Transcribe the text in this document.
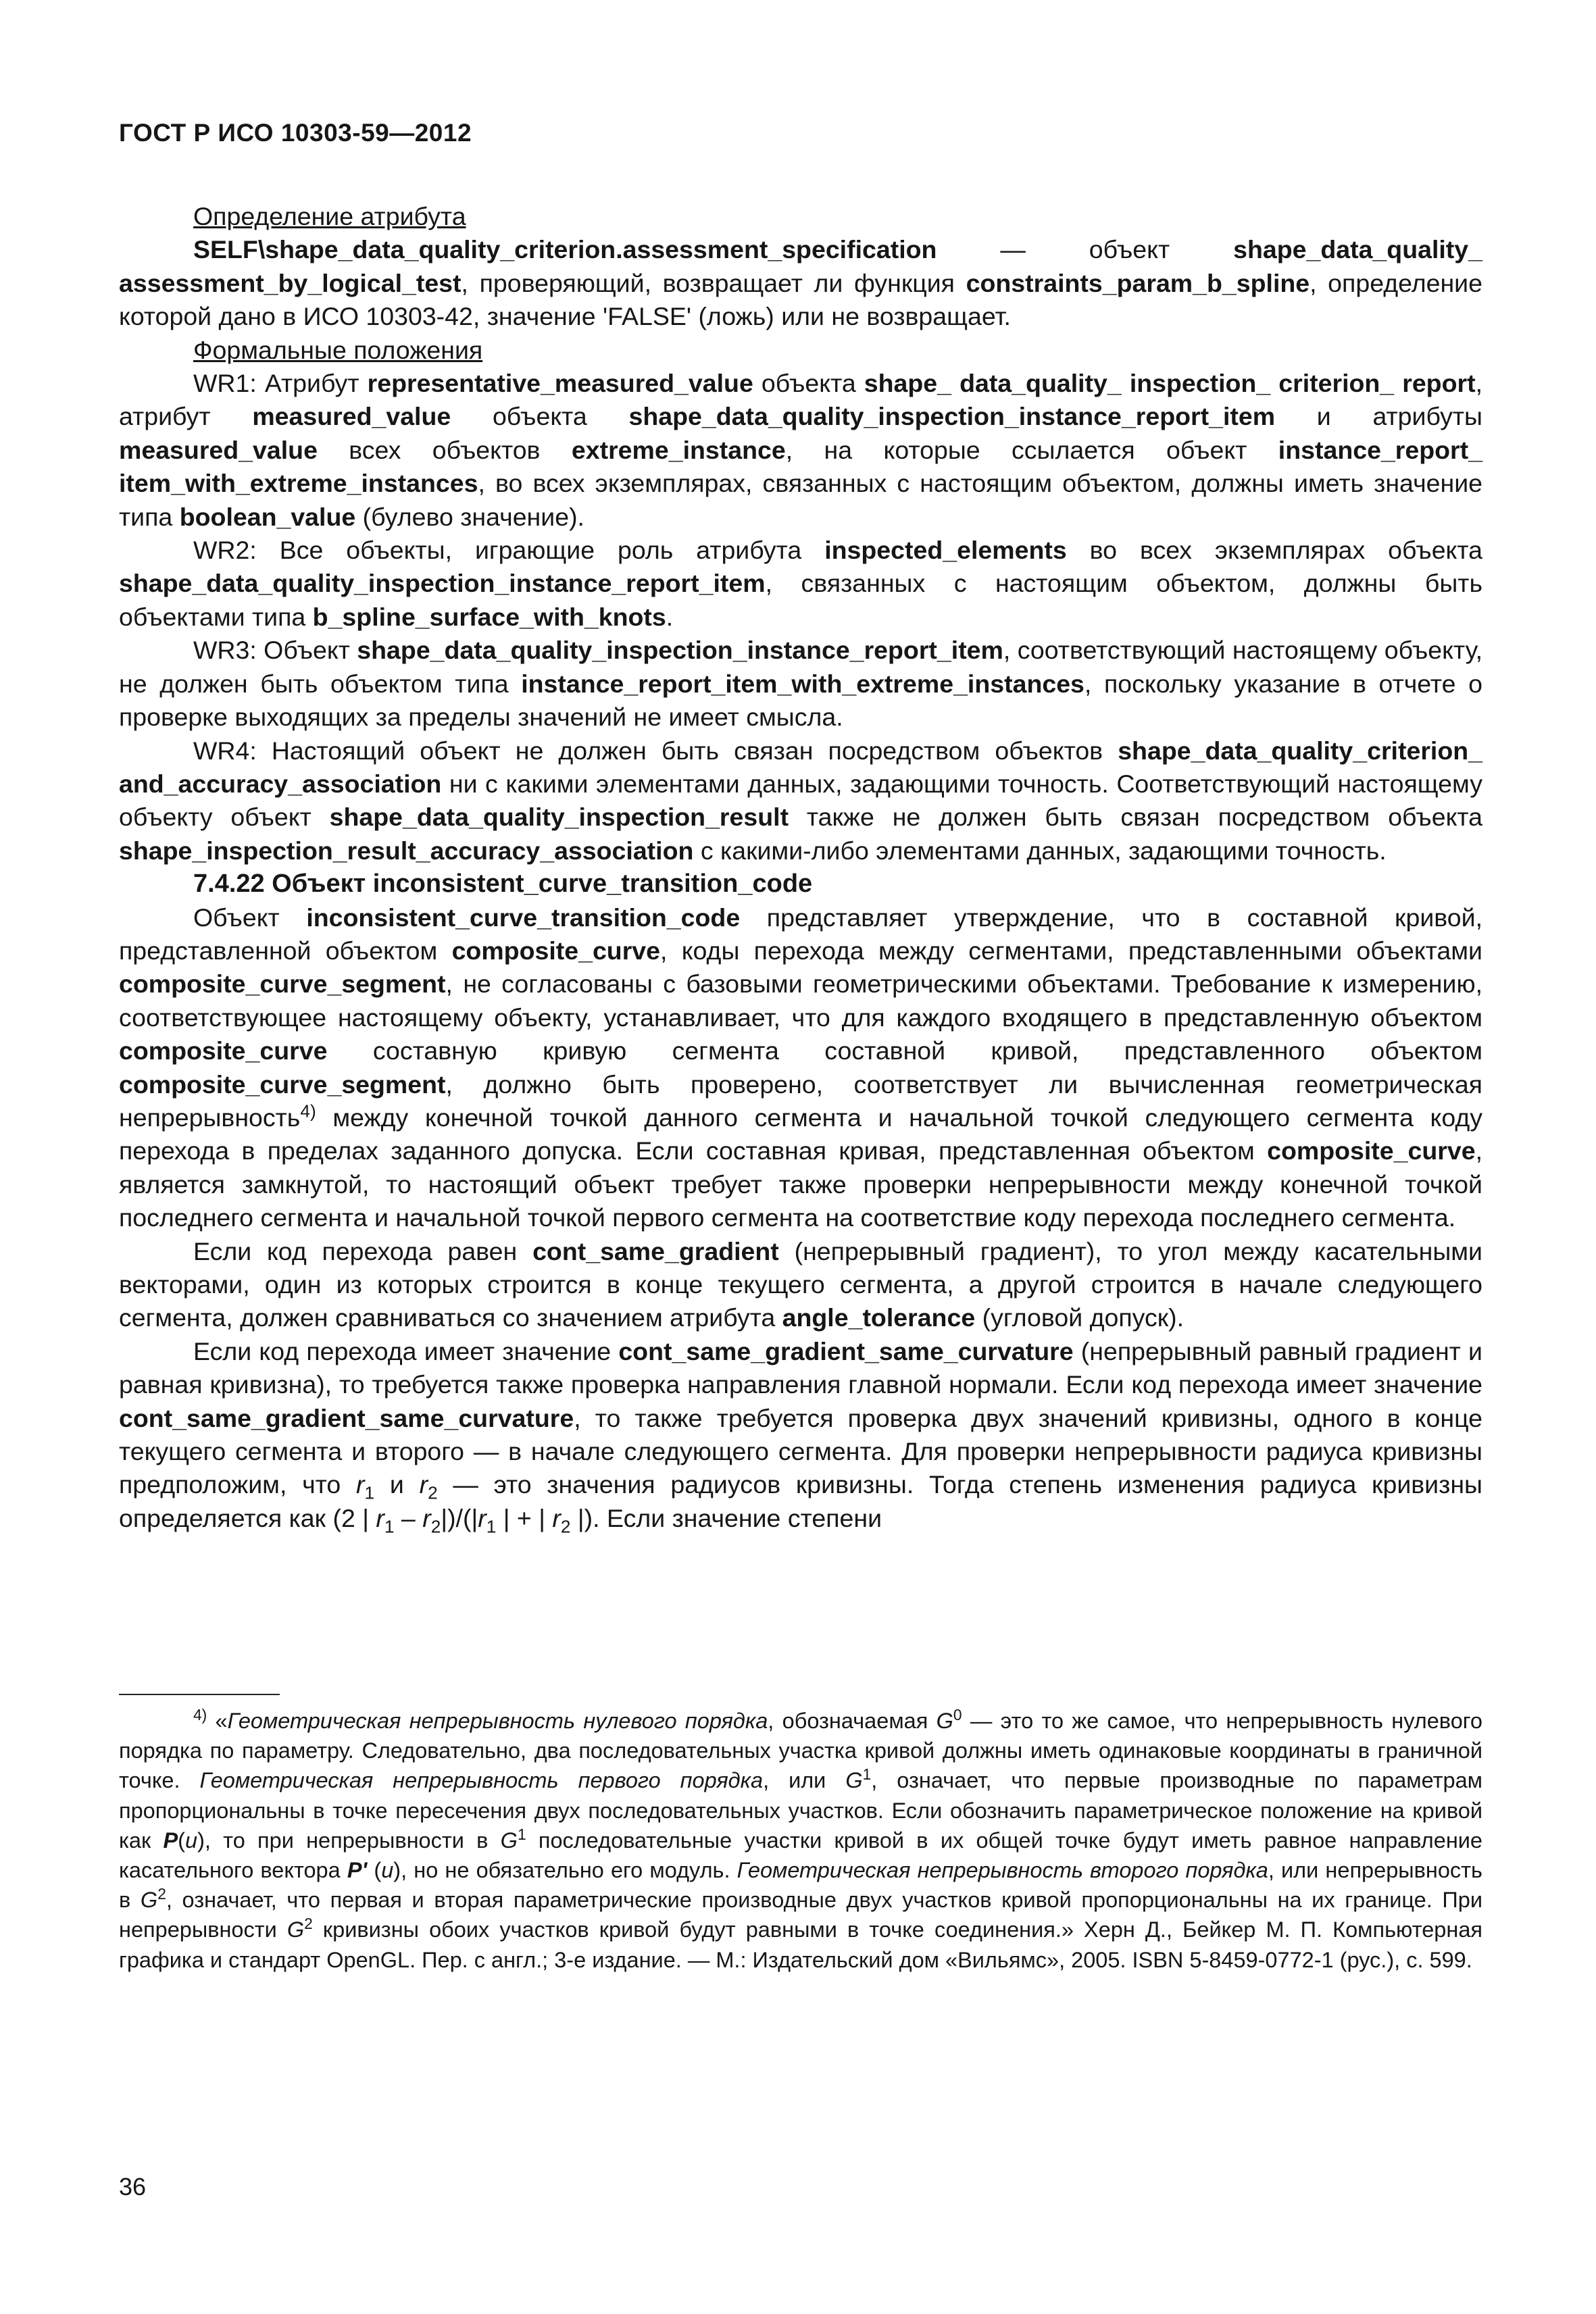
ГОСТ Р ИСО 10303-59—2012

Определение атрибута

SELF\shape_data_quality_criterion.assessment_specification — объект shape_data_quality_ assessment_by_logical_test, проверяющий, возвращает ли функция constraints_param_b_spline, определение которой дано в ИСО 10303-42, значение 'FALSE' (ложь) или не возвращает.

Формальные положения

WR1: Атрибут representative_measured_value объекта shape_ data_quality_ inspection_ criterion_ report, атрибут measured_value объекта shape_data_quality_inspection_instance_report_item и атрибуты measured_value всех объектов extreme_instance, на которые ссылается объект instance_report_ item_with_extreme_instances, во всех экземплярах, связанных с настоящим объектом, должны иметь значение типа boolean_value (булево значение).

WR2: Все объекты, играющие роль атрибута inspected_elements во всех экземплярах объекта shape_data_quality_inspection_instance_report_item, связанных с настоящим объектом, должны быть объектами типа b_spline_surface_with_knots.

WR3: Объект shape_data_quality_inspection_instance_report_item, соответствующий настоящему объекту, не должен быть объектом типа instance_report_item_with_extreme_instances, поскольку указание в отчете о проверке выходящих за пределы значений не имеет смысла.

WR4: Настоящий объект не должен быть связан посредством объектов shape_data_quality_criterion_ and_accuracy_association ни с какими элементами данных, задающими точность. Соответствующий настоящему объекту объект shape_data_quality_inspection_result также не должен быть связан посредством объекта shape_inspection_result_accuracy_association с какими-либо элементами данных, задающими точность.

7.4.22 Объект inconsistent_curve_transition_code

Объект inconsistent_curve_transition_code представляет утверждение, что в составной кривой, представленной объектом composite_curve, коды перехода между сегментами, представленными объектами composite_curve_segment, не согласованы с базовыми геометрическими объектами. Требование к измерению, соответствующее настоящему объекту, устанавливает, что для каждого входящего в представленную объектом composite_curve составную кривую сегмента составной кривой, представленного объектом composite_curve_segment, должно быть проверено, соответствует ли вычисленная геометрическая непрерывность$^{4)}$ между конечной точкой данного сегмента и начальной точкой следующего сегмента коду перехода в пределах заданного допуска. Если составная кривая, представленная объектом composite_curve, является замкнутой, то настоящий объект требует также проверки непрерывности между конечной точкой последнего сегмента и начальной точкой первого сегмента на соответствие коду перехода последнего сегмента.

Если код перехода равен cont_same_gradient (непрерывный градиент), то угол между касательными векторами, один из которых строится в конце текущего сегмента, а другой строится в начале следующего сегмента, должен сравниваться со значением атрибута angle_tolerance (угловой допуск).

Если код перехода имеет значение cont_same_gradient_same_curvature (непрерывный равный градиент и равная кривизна), то требуется также проверка направления главной нормали. Если код перехода имеет значение cont_same_gradient_same_curvature, то также требуется проверка двух значений кривизны, одного в конце текущего сегмента и второго — в начале следующего сегмента. Для проверки непрерывности радиуса кривизны предположим, что $r_1$ и $r_2$ — это значения радиусов кривизны. Тогда степень изменения радиуса кривизны определяется как (2 | $r_1 - r_2|)/(|r_1$ | + | $r_2$ |). Если значение степени

$^{4)}$ «Геометрическая непрерывность нулевого порядка, обозначаемая $G^0$ — это то же самое, что непрерывность нулевого порядка по параметру. Следовательно, два последовательных участка кривой должны иметь одинаковые координаты в граничной точке. Геометрическая непрерывность первого порядка, или $G^1$, означает, что первые производные по параметрам пропорциональны в точке пересечения двух последовательных участков. Если обозначить параметрическое положение на кривой как P(u), то при непрерывности в $G^1$ последовательные участки кривой в их общей точке будут иметь равное направление касательного вектора P' (u), но не обязательно его модуль. Геометрическая непрерывность второго порядка, или непрерывность в $G^2$, означает, что первая и вторая параметрические производные двух участков кривой пропорциональны на их границе. При непрерывности $G^2$ кривизны обоих участков кривой будут равными в точке соединения.» Херн Д., Бейкер М. П. Компьютерная графика и стандарт OpenGL. Пер. с англ.; 3-е издание. — М.: Издательский дом «Вильямс», 2005. ISBN 5-8459-0772-1 (рус.), с. 599.

36
